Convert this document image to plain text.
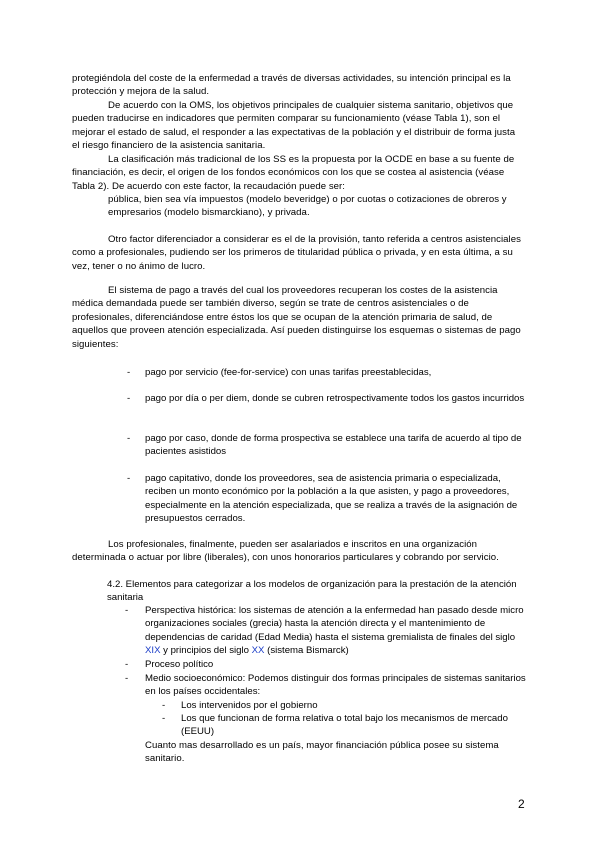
protegiéndola del coste de la enfermedad a través de diversas actividades, su intención principal es la protección y mejora de la salud.
De acuerdo con la OMS, los objetivos principales de cualquier sistema sanitario, objetivos que pueden traducirse en indicadores que permiten comparar su funcionamiento (véase Tabla 1), son el mejorar el estado de salud, el responder a las expectativas de la población y el distribuir de forma justa el riesgo financiero de la asistencia sanitaria.
La clasificación más tradicional de los SS es la propuesta por la OCDE en base a su fuente de financiación, es decir, el origen de los fondos económicos con los que se costea al asistencia (véase Tabla 2). De acuerdo con este factor, la recaudación puede ser:
pública, bien sea vía impuestos (modelo beveridge) o por cuotas o cotizaciones de obreros y empresarios (modelo bismarckiano), y privada.
Otro factor diferenciador a considerar es el de la provisión, tanto referida a centros asistenciales como a profesionales, pudiendo ser los primeros de titularidad pública o privada, y en esta última, a su vez, tener o no ánimo de lucro.
El sistema de pago a través del cual los proveedores recuperan los costes de la asistencia médica demandada puede ser también diverso, según se trate de centros asistenciales o de profesionales, diferenciándose entre éstos los que se ocupan de la atención primaria de salud, de aquellos que proveen atención especializada. Así pueden distinguirse los esquemas o sistemas de pago siguientes:
- pago por servicio (fee-for-service) con unas tarifas preestablecidas,
- pago por día o per diem, donde se cubren retrospectivamente todos los gastos incurridos
- pago por caso, donde de forma prospectiva se establece una tarifa de acuerdo al tipo de pacientes asistidos
- pago capitativo, donde los proveedores, sea de asistencia primaria o especializada, reciben un monto económico por la población a la que asisten, y pago a proveedores, especialmente en la atención especializada, que se realiza a través de la asignación de presupuestos cerrados.
Los profesionales, finalmente, pueden ser asalariados e inscritos en una organización determinada o actuar por libre (liberales), con unos honorarios particulares y cobrando por servicio.
4.2. Elementos para categorizar a los modelos de organización para la prestación de la atención sanitaria
- Perspectiva histórica: los sistemas de atención a la enfermedad han pasado desde micro organizaciones sociales (grecia) hasta la atención directa y el mantenimiento de dependencias de caridad (Edad Media) hasta el sistema gremialista de finales del siglo XIX y principios del siglo XX (sistema Bismarck)
- Proceso político
- Medio socioeconómico: Podemos distinguir dos formas principales de sistemas sanitarios en los países occidentales:
- Los intervenidos por el gobierno
- Los que funcionan de forma relativa o total bajo los mecanismos de mercado (EEUU)
Cuanto mas desarrollado es un país, mayor financiación pública posee su sistema sanitario.
2
